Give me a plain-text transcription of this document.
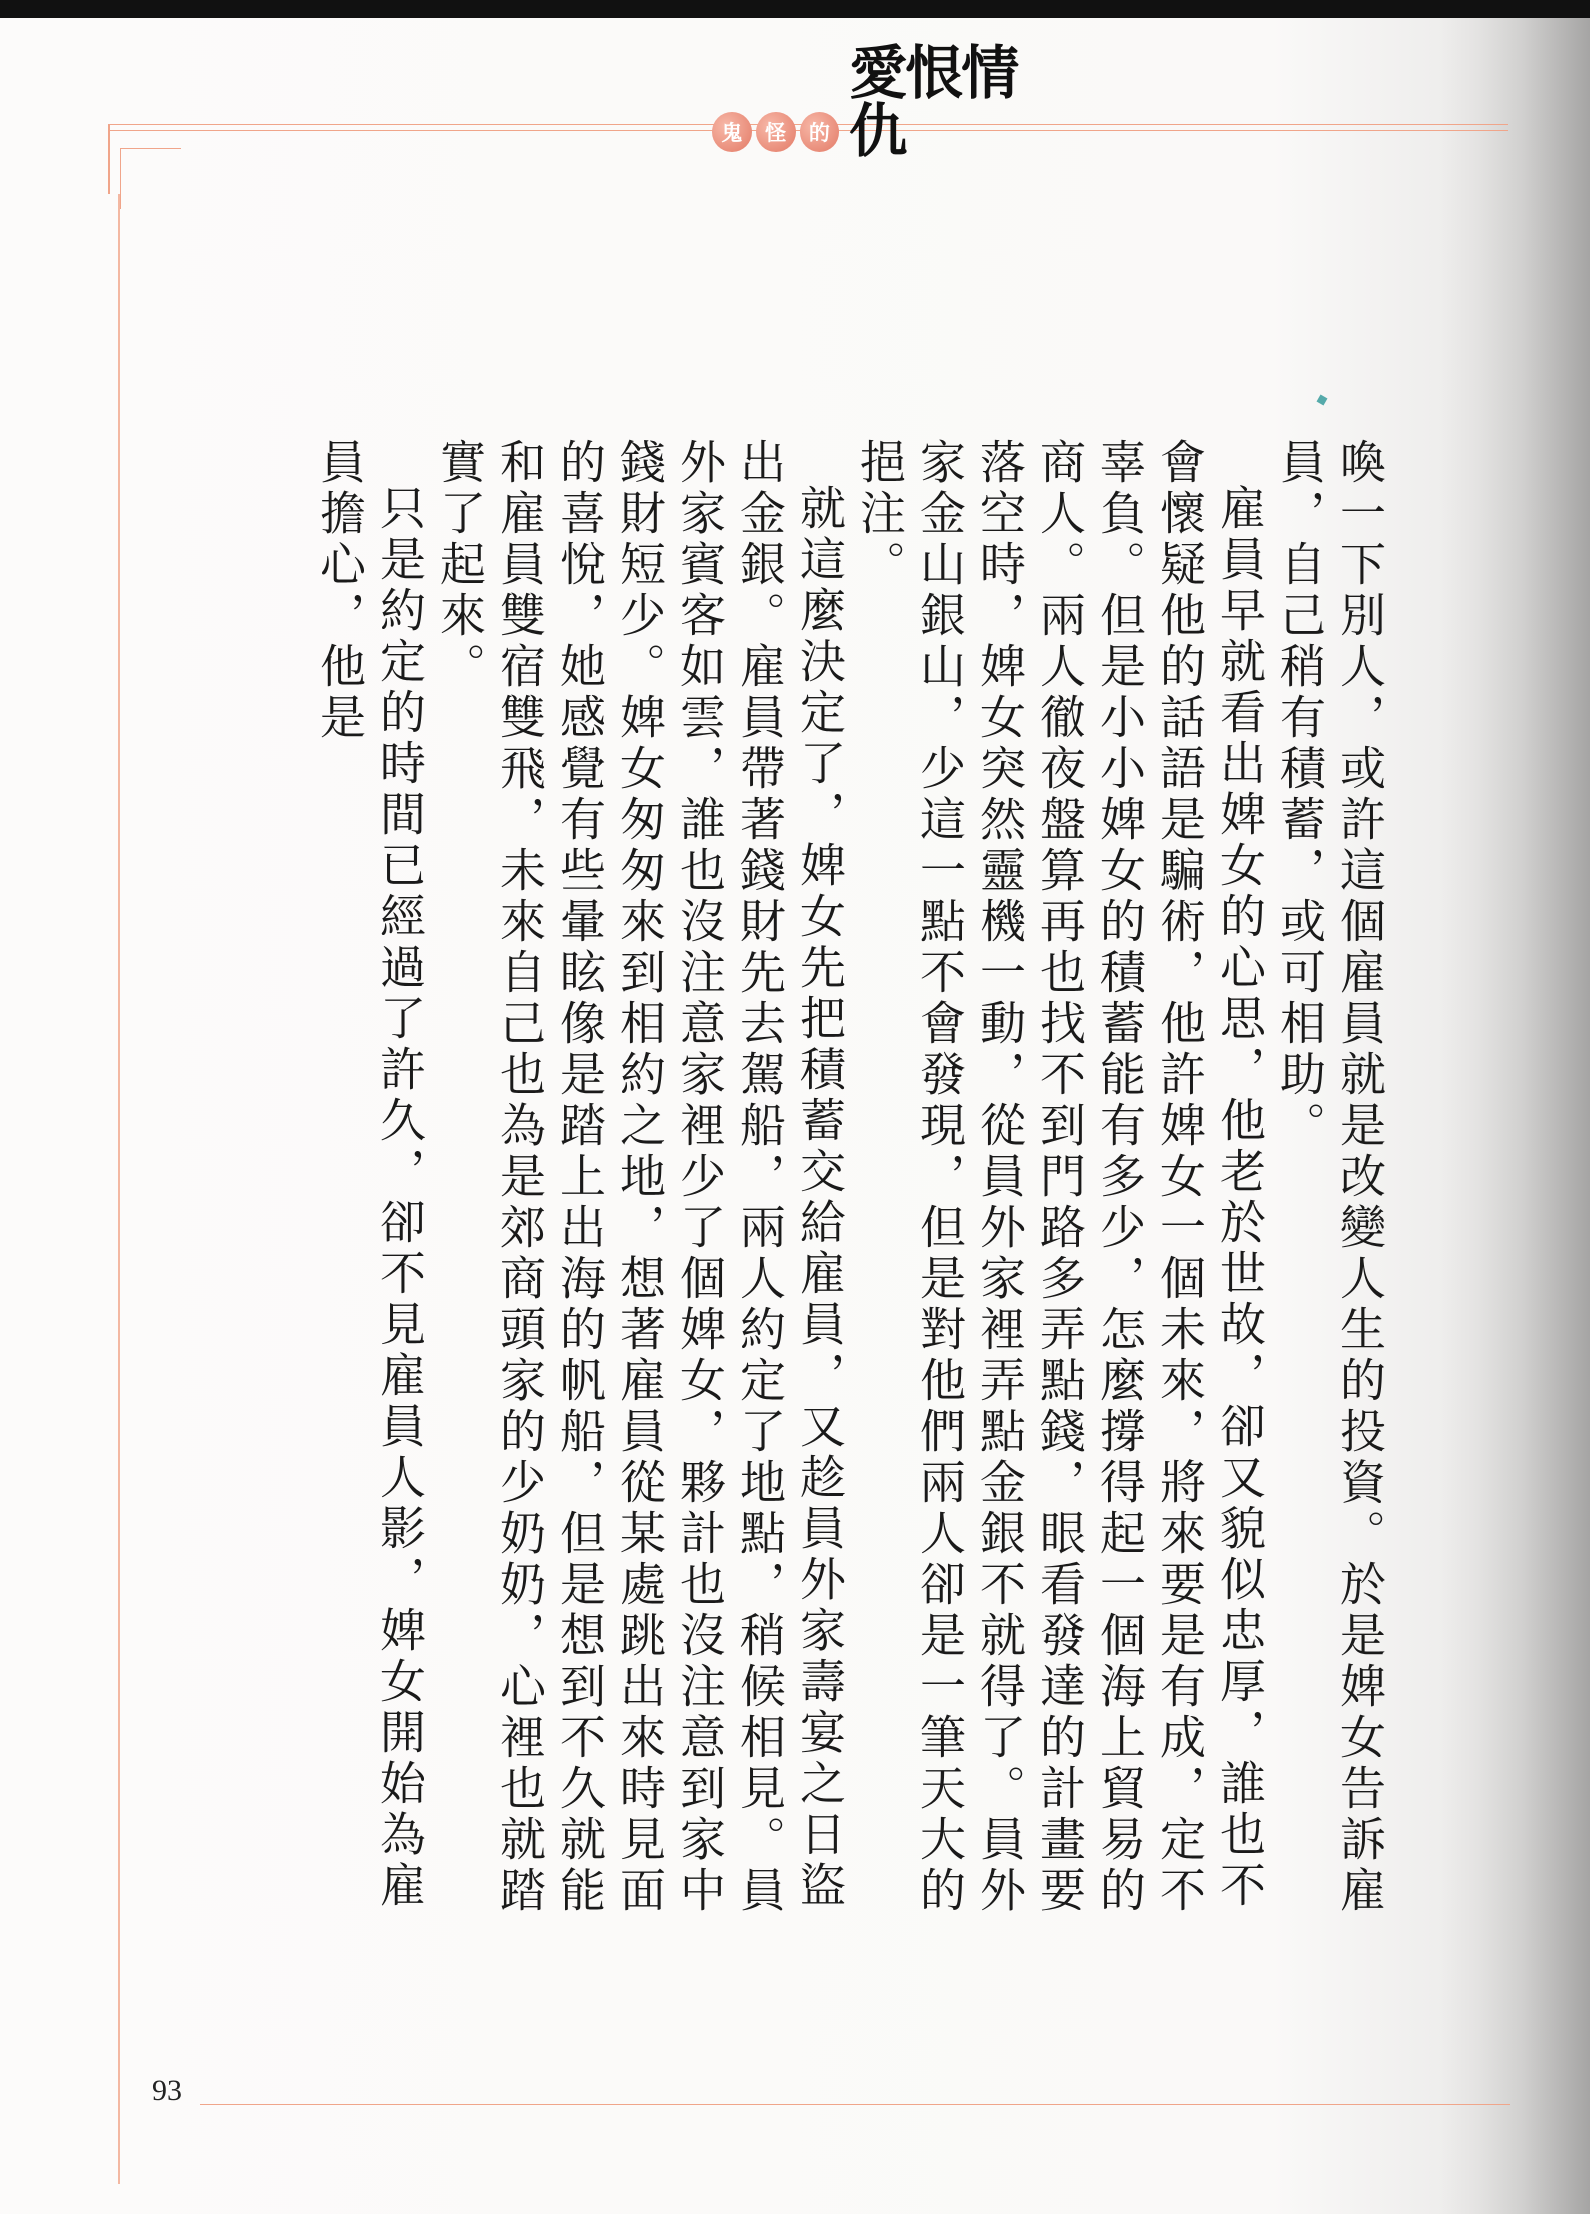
鬼	怪	的
愛恨情仇

喚一下別人，或許這個雇員就是改變人生的投資。於是婢女告訴雇員，自己稍有積蓄，或可相助。

雇員早就看出婢女的心思，他老於世故，卻又貌似忠厚，誰也不會懷疑他的話語是騙術，他許婢女一個未來，將來要是有成，定不辜負。但是小小婢女的積蓄能有多少，怎麼撐得起一個海上貿易的商人。兩人徹夜盤算再也找不到門路多弄點錢，眼看發達的計畫要落空時，婢女突然靈機一動，從員外家裡弄點金銀不就得了。員外家金山銀山，少這一點不會發現，但是對他們兩人卻是一筆天大的挹注。

就這麼決定了，婢女先把積蓄交給雇員，又趁員外家壽宴之日盜出金銀。雇員帶著錢財先去駕船，兩人約定了地點，稍候相見。員外家賓客如雲，誰也沒注意家裡少了個婢女，夥計也沒注意到家中錢財短少。婢女匆匆來到相約之地，想著雇員從某處跳出來時見面的喜悅，她感覺有些暈眩像是踏上出海的帆船，但是想到不久就能和雇員雙宿雙飛，未來自己也為是郊商頭家的少奶奶，心裡也就踏實了起來。

只是約定的時間已經過了許久，卻不見雇員人影，婢女開始為雇員擔心，他是

93
